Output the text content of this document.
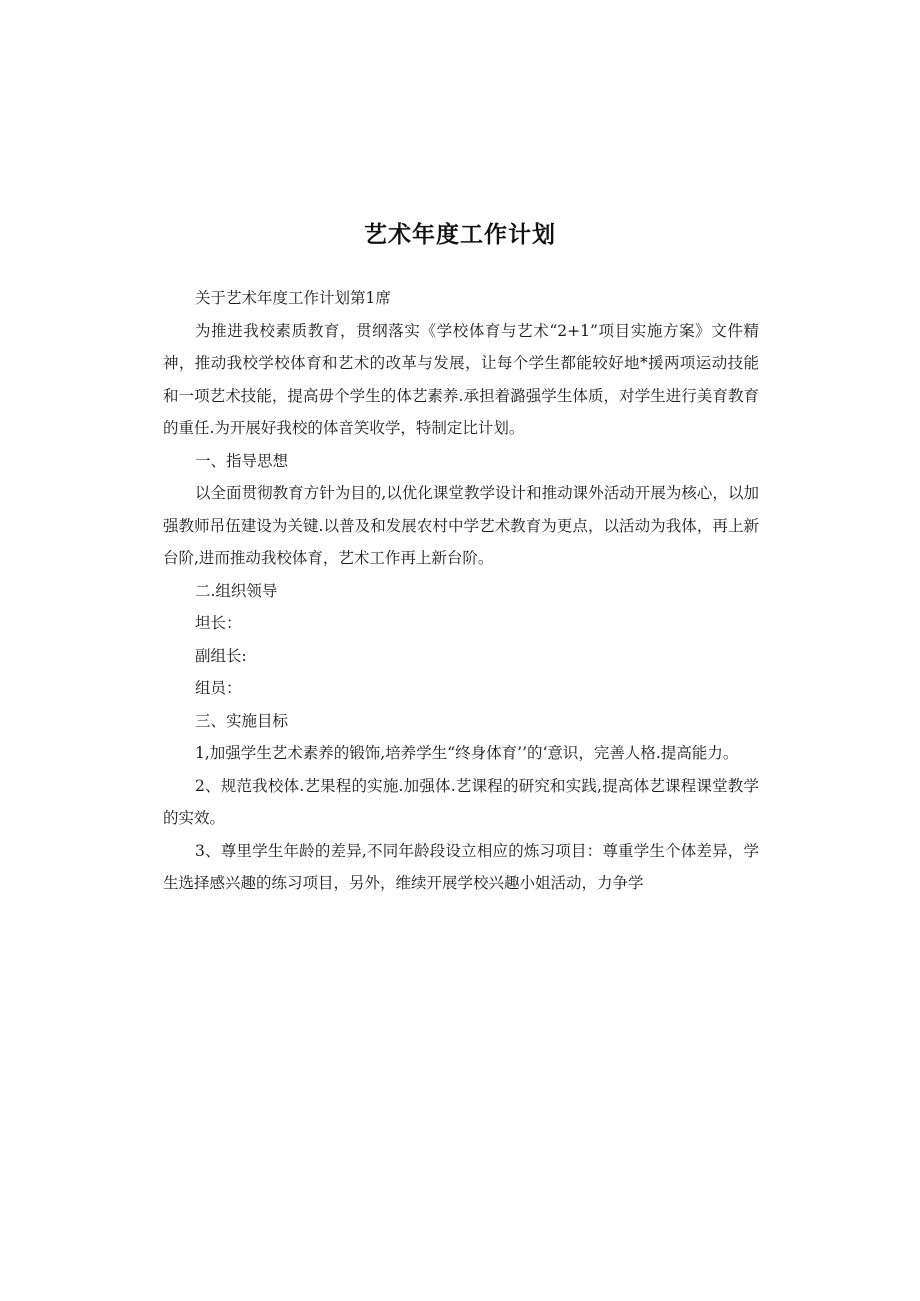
艺术年度工作计划

关于艺术年度工作计划第1席

为推进我校素质教育，贯纲落实《学校体育与艺术“2+1”项目实施方案》文件精神，推动我校学校体育和艺术的改革与发展，让每个学生都能较好地*援两项运动技能和一项艺术技能，提高毋个学生的体艺素养.承担着潞强学生体质，对学生进行美育教育的重任.为开展好我校的体音笑收学，特制定比计划。

一、指导思想

以全面贯彻教育方针为目的,以优化课堂教学设计和推动课外活动开展为核心，以加强教师吊伍建设为关键.以普及和发展农村中学艺术教育为更点，以活动为我体，再上新台阶,进而推动我校体育，艺术工作再上新台阶。

二.组织领导

坦长：

副组长:

组员：

三、实施目标

1,加强学生艺术素养的锻饰,培养学生“终身体育’’的‘意识，完善人格.提高能力。

2、规范我校体.艺果程的实施.加强体.艺课程的研究和实践,提高体艺课程课堂教学的实效。

3、尊里学生年龄的差异,不同年龄段设立相应的炼习项目：尊重学生个体差异，学生选择感兴趣的练习项目，另外，维续开展学校兴趣小姐活动，力争学
